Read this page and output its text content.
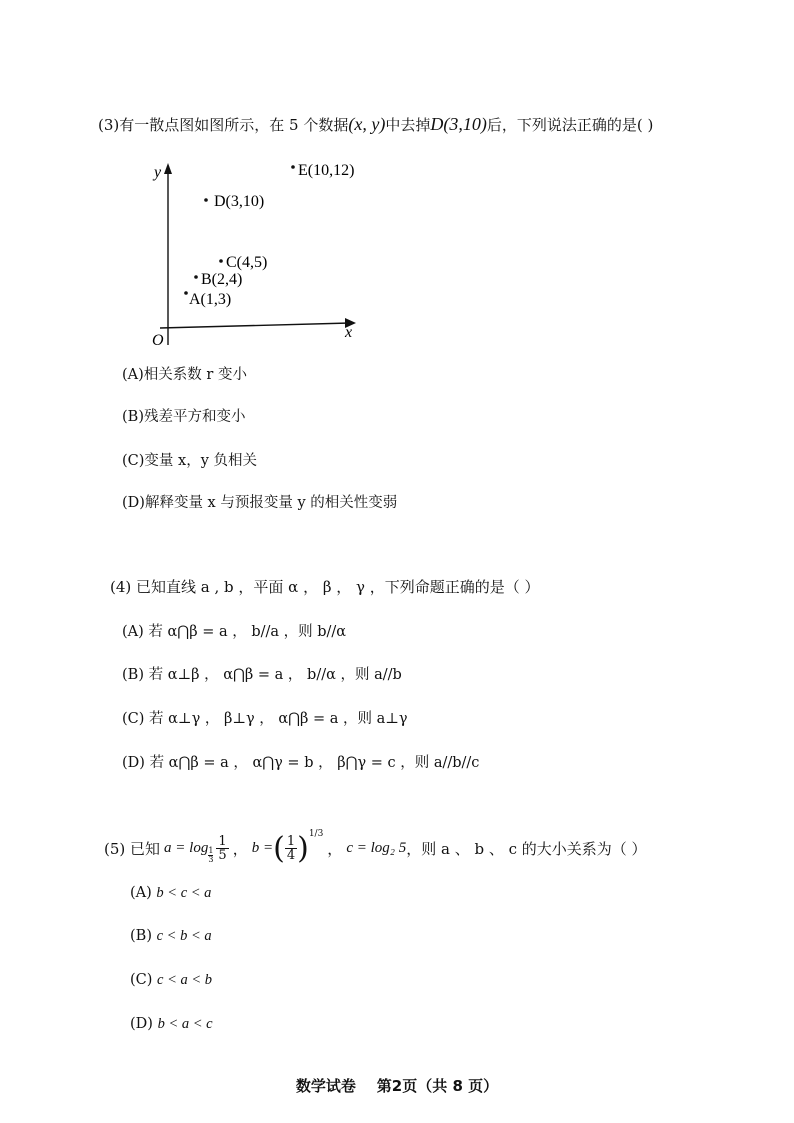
(3)有一散点图如图所示，在 5 个数据(x, y)中去掉D(3,10)后，下列说法正确的是( )
y
x
O
E(10,12)
D(3,10)
C(4,5)
B(2,4)
A(1,3)
(A)相关系数 r 变小
(B)残差平方和变小
(C)变量 x，y 负相关
(D)解释变量 x 与预报变量 y 的相关性变弱
(4) 已知直线 a , b ，平面 α ， β ， γ ，下列命题正确的是（ ）
(A) 若 α⋂β = a ， b//a ，则 b//α
(B) 若 α⊥β ， α⋂β = a ， b//α ，则 a//b
(C) 若 α⊥γ ， β⊥γ ， α⋂β = a ，则 a⊥γ
(D) 若 α⋂β = a ， α⋂γ = b ， β⋂γ = c ，则 a//b//c
(5) 已知 $a = \log \frac{1}{3} \frac{1}{5}$ ， b = ( $\frac{1}{4}$ ) 1/3
， c = log₂ 5 ，则 a 、 b 、 c 的大小关系为（ ）
(A) b < c < a
(B) c < b < a
(C) c < a < b
(D) b < a < c
数学试卷    第2页（共 8 页）
